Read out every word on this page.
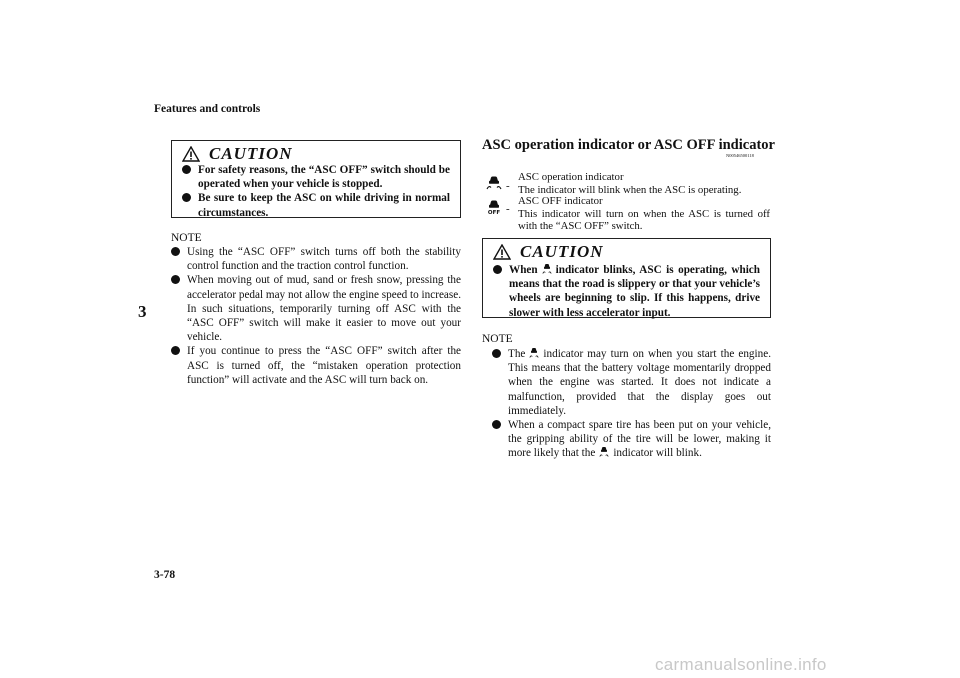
Features and controls
3
3-78
CAUTION
For safety reasons, the “ASC OFF” switch should be operated when your vehicle is stopped.
Be sure to keep the ASC on while driving in normal circumstances.
NOTE
Using the “ASC OFF” switch turns off both the stability control function and the traction control function.
When moving out of mud, sand or fresh snow, pressing the accelerator pedal may not allow the engine speed to increase. In such situations, temporarily turning off ASC with the “ASC OFF” switch will make it easier to move out your vehicle.
If you continue to press the “ASC OFF” switch after the ASC is turned off, the “mistaken operation protection function” will activate and the ASC will turn back on.
ASC operation indicator or ASC OFF indicator
N00546500118
-
ASC operation indicator
The indicator will blink when the ASC is operating.
OFF -
ASC OFF indicator
This indicator will turn on when the ASC is turned off with the “ASC OFF” switch.
CAUTION
When indicator blinks, ASC is operating, which means that the road is slippery or that your vehicle’s wheels are beginning to slip. If this happens, drive slower with less accelerator input.
NOTE
The indicator may turn on when you start the engine. This means that the battery voltage momentarily dropped when the engine was started. It does not indicate a malfunction, provided that the display goes out immediately.
When a compact spare tire has been put on your vehicle, the gripping ability of the tire will be lower, making it more likely that the indicator will blink.
carmanualsonline.info
